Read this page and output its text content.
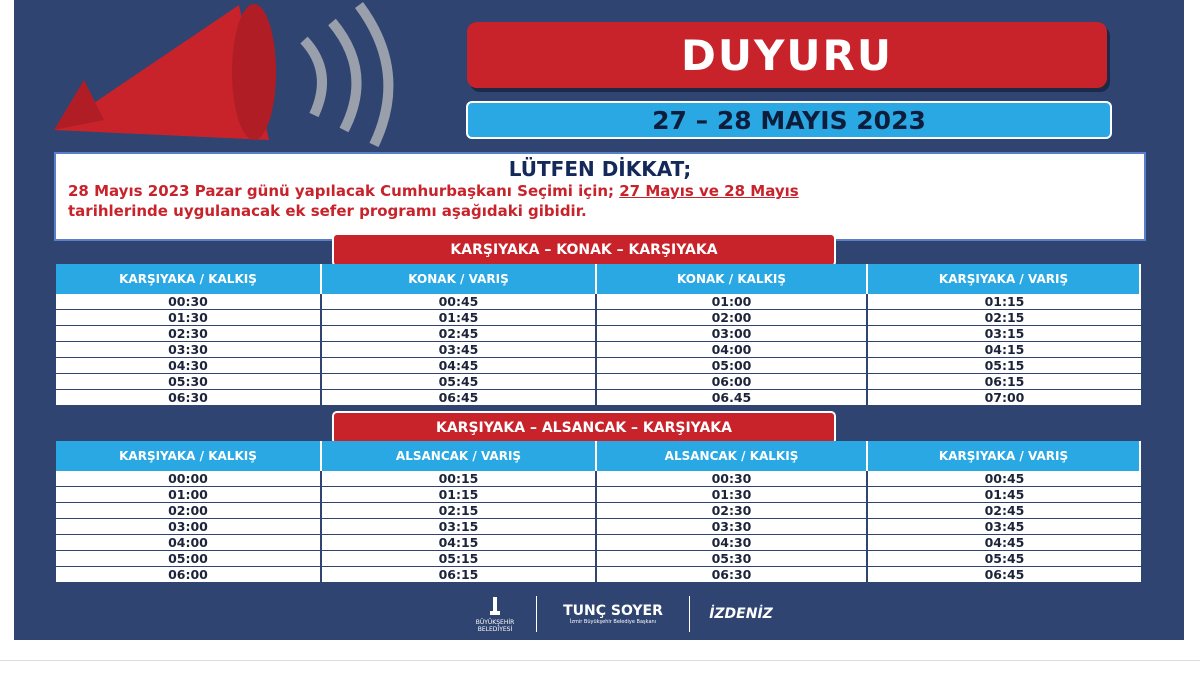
DUYURU
27 – 28 MAYIS 2023
LÜTFEN DİKKAT;
28 Mayıs 2023 Pazar günü yapılacak Cumhurbaşkanı Seçimi için; 27 Mayıs ve 28 Mayıs
tarihlerinde uygulanacak ek sefer programı aşağıdaki gibidir.
KARŞIYAKA – KONAK – KARŞIYAKA
KARŞIYAKA / KALKIŞ	KONAK / VARIŞ	KONAK / KALKIŞ	KARŞIYAKA / VARIŞ
00:30	00:45	01:00	01:15
01:30	01:45	02:00	02:15
02:30	02:45	03:00	03:15
03:30	03:45	04:00	04:15
04:30	04:45	05:00	05:15
05:30	05:45	06:00	06:15
06:30	06:45	06.45	07:00
KARŞIYAKA – ALSANCAK – KARŞIYAKA
KARŞIYAKA / KALKIŞ	ALSANCAK / VARIŞ	ALSANCAK / KALKIŞ	KARŞIYAKA / VARIŞ
00:00	00:15	00:30	00:45
01:00	01:15	01:30	01:45
02:00	02:15	02:30	02:45
03:00	03:15	03:30	03:45
04:00	04:15	04:30	04:45
05:00	05:15	05:30	05:45
06:00	06:15	06:30	06:45
BÜYÜKŞEHİR BELEDİYESİ
TUNÇ SOYER
İzmir Büyükşehir Belediye Başkanı	İZDENİZ
